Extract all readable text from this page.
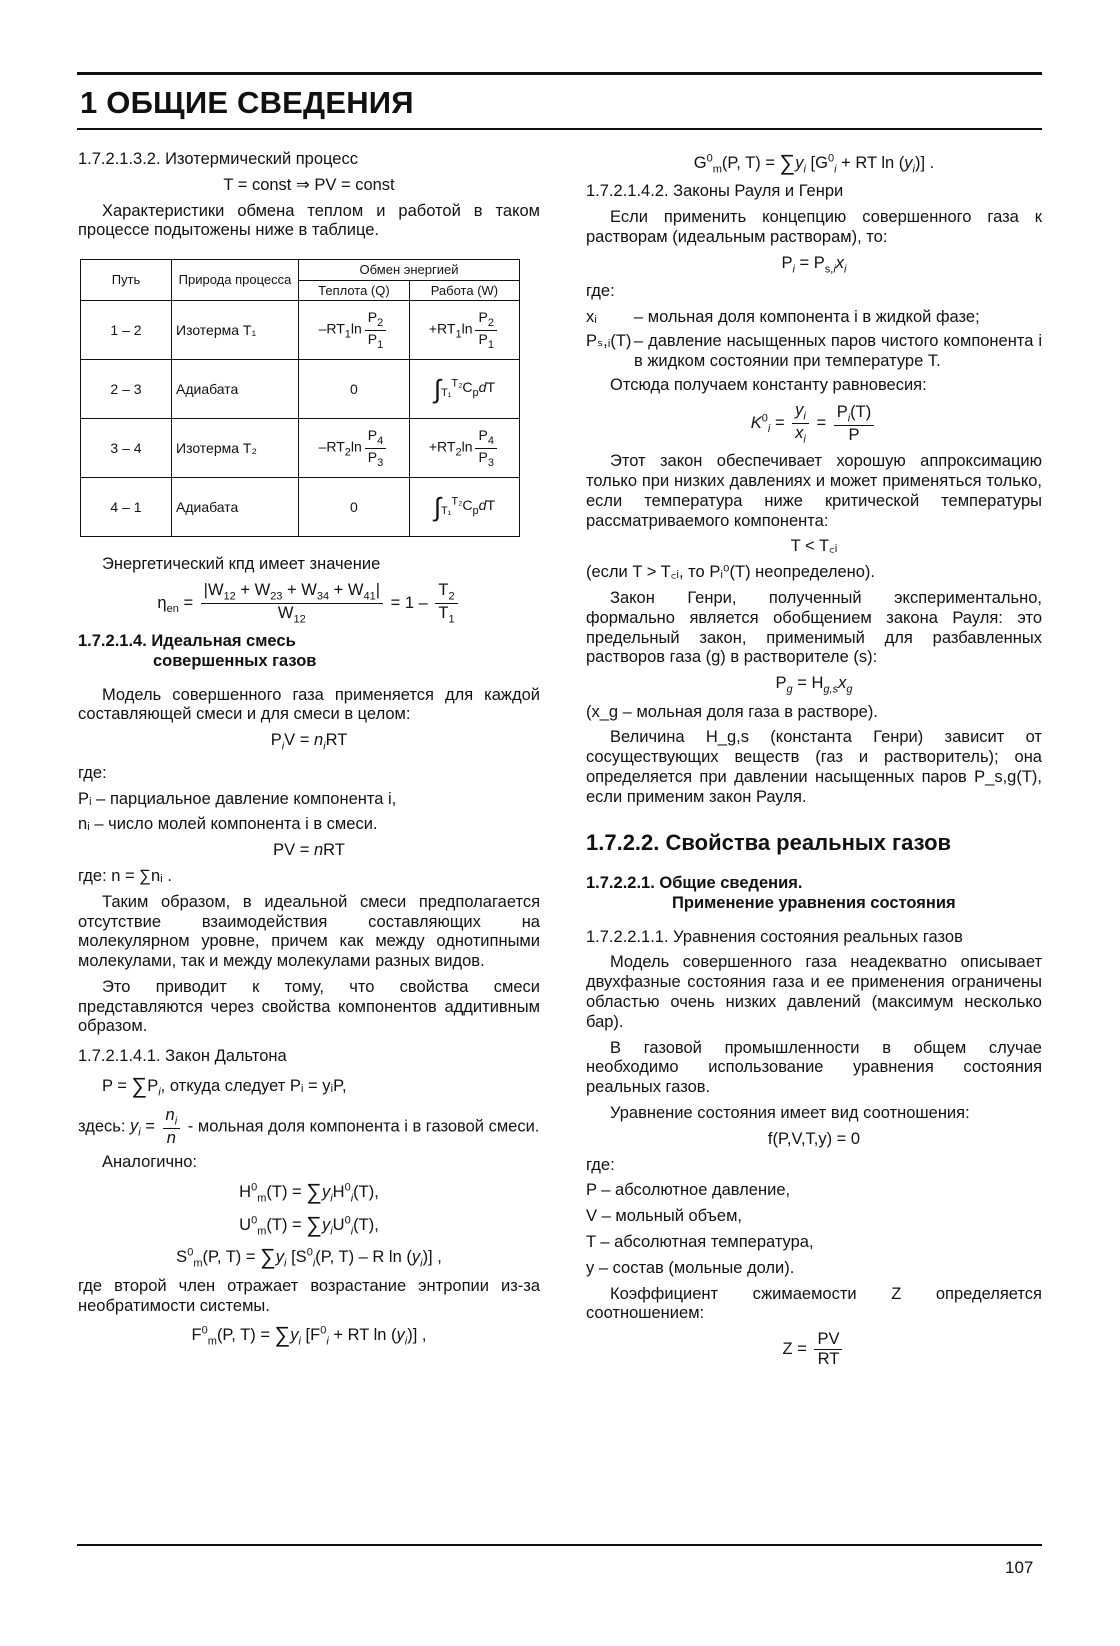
1 ОБЩИЕ СВЕДЕНИЯ

1.7.2.1.3.2. Изотермический процесс

T = const ⇒ PV = const

Характеристики обмена теплом и работой в таком процессе подытожены ниже в таблице.

Путь	Природа процесса	Обмен энергией	
		Теплота (Q)	Работа (W)
1 – 2	Изотерма T₁	$-RT_1\ln \frac{P_2}{P_1}$	$+RT_1\ln \frac{P_2}{P_1}$

2 – 3	Адиабата	0	$\int_{T_1}^{T_2}C_pdT$
3 – 4	Изотерма T₂	$-RT_2\ln \frac{P_4}{P_3}$	$+RT_2\ln \frac{P_4}{P_3}$

4 – 1	Адиабата	0	$\int_{T_1}^{T_2}C_pdT$

Энергетический кпд имеет значение

$\eta_{en} = \frac{|W_{12} + W_{23} + W_{34} + W_{41}|}{W_{12}} = 1 - \frac{T_2}{T_1}$

1.7.2.1.4. Идеальная смесь
совершенных газов

Модель совершенного газа применяется для каждой составляющей смеси и для смеси в целом:

$P_iV = n_iRT$

где:

Pᵢ – парциальное давление компонента i,

nᵢ – число молей компонента i в смеси.

PV = nRT

где: n = ∑nᵢ .

Таким образом, в идеальной смеси предполагается отсутствие взаимодействия составляющих на молекулярном уровне, причем как между однотипными молекулами, так и между молекулами разных видов.

Это приводит к тому, что свойства смеси представляются через свойства компонентов аддитивным образом.

1.7.2.1.4.1. Закон Дальтона

$P = \sum P_i$, откуда следует Pᵢ = yᵢP,

здесь: $y_i = \frac{n_i}{n}$ - мольная доля компонента i в газовой смеси.

Аналогично:

$H^0_m(T) = \sum y_iH^0_i(T)$,

$U^0_m(T) = \sum y_iU^0_i(T)$,

$S^0_m(P$, $T) = \sum y_i$ [$S^0_i(P$, T) – R $\ln (y_i)$] ,

где второй член отражает возрастание энтропии из-за необратимости системы.

$F^0_m(P$, $T) = \sum y_i$ [$F^0_i$ + RT $\ln (y_i)$] ,

$G^0_m(P$, $T) = \sum y_i$ [$G^0_i$ + RT $\ln (y_i)$] .

1.7.2.1.4.2. Законы Рауля и Генри

Если применить концепцию совершенного газа к растворам (идеальным растворам), то:

$P_i = P_{s,i}x_i$

где:

xᵢ	– мольная доля компонента i в жидкой фазе;
Pₛ,ᵢ(T) – давление насыщенных паров чистого компонента i в жидком состоянии при температуре T.

Отсюда получаем константу равновесия:

$K^0_i = \frac{y_i}{x_i} = \frac{P_i(T)}{P}$

Этот закон обеспечивает хорошую аппроксимацию только при низких давлениях и может применяться только, если температура ниже критической температуры рассматриваемого компонента:

T < T꜀ᵢ

(если T > T꜀ᵢ, то Pᵢ⁰(T) неопределено).

Закон Генри, полученный экспериментально, формально является обобщением закона Рауля: это предельный закон, применимый для разбавленных растворов газа (g) в растворителе (s):

$P_g = H_{g,s}x_g$

(x_g – мольная доля газа в растворе).

Величина H_g,s (константа Генри) зависит от сосуществующих веществ (газ и растворитель); она определяется при давлении насыщенных паров P_s,g(T), если применим закон Рауля.

1.7.2.2. Свойства реальных газов

1.7.2.2.1. Общие сведения.
Применение уравнения состояния

1.7.2.2.1.1. Уравнения состояния реальных газов

Модель совершенного газа неадекватно описывает двухфазные состояния газа и ее применения ограничены областью очень низких давлений (максимум несколько бар).

В газовой промышленности в общем случае необходимо использование уравнения состояния реальных газов.

Уравнение состояния имеет вид соотношения:

f(P,V,T,y) = 0

где:

P – абсолютное давление,

V – мольный объем,

T – абсолютная температура,

y – состав (мольные доли).

Коэффициент сжимаемости Z определяется соотношением:

$Z = \frac{PV}{RT}$

107
